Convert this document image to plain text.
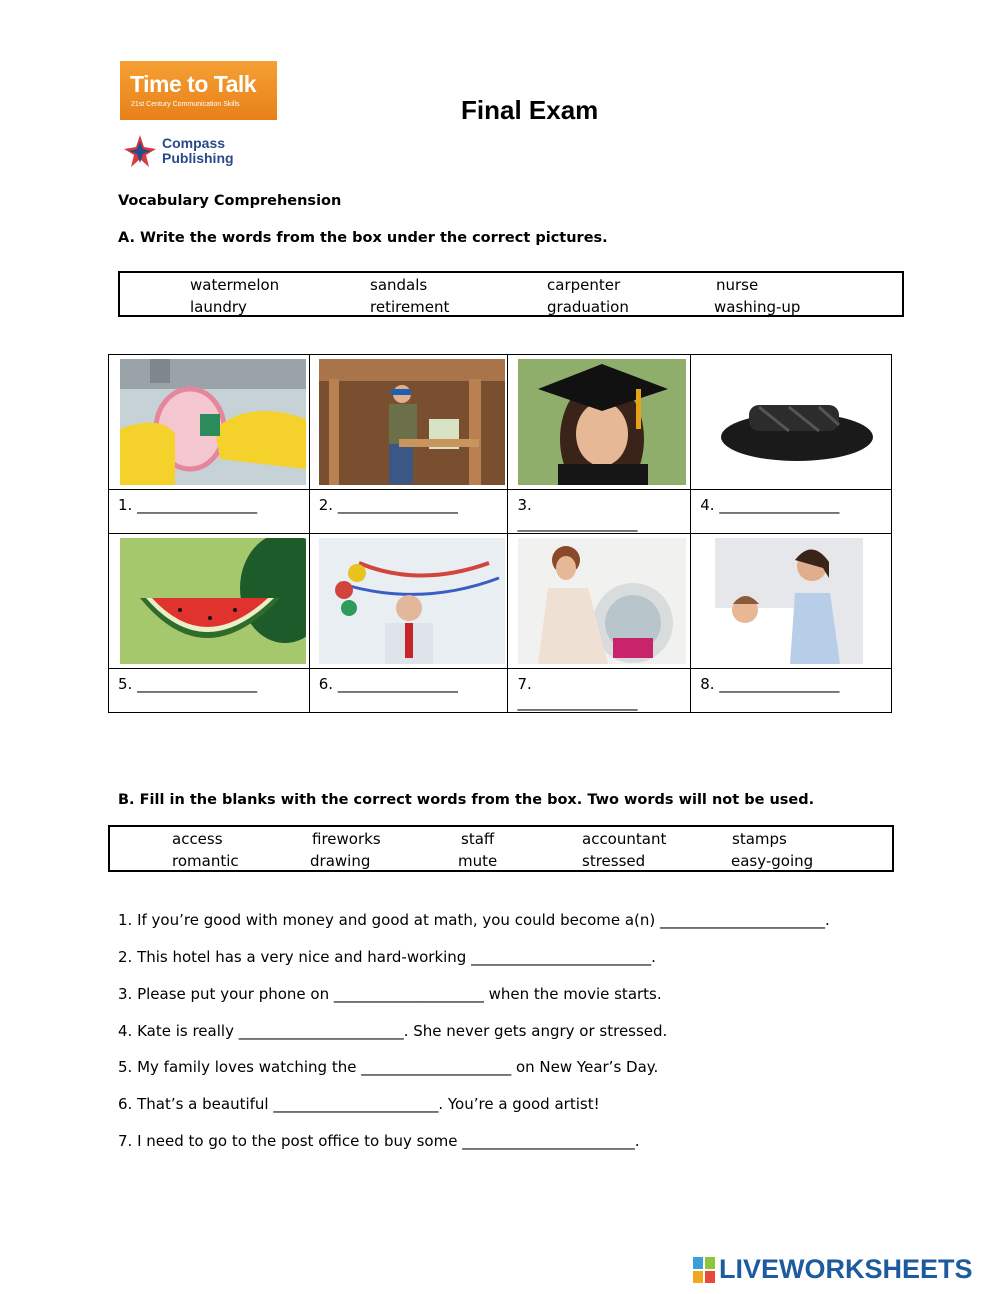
Time to Talk
21st Century Communication Skills
Compass
Publishing
Final Exam
Vocabulary Comprehension
A. Write the words from the box under the correct pictures.
watermelon	sandals	carpenter	nurse
laundry	retirement	graduation	washing-up

1. ________________	2. ________________	3.
________________	4. ________________

5. ________________	6. ________________	7.
________________	8. ________________
B. Fill in the blanks with the correct words from the box. Two words will not be used.
access	fireworks	staff	accountant	stamps
romantic	drawing	mute	stressed	easy-going
1. If you’re good with money and good at math, you could become a(n) ______________________.
2. This hotel has a very nice and hard-working ________________________.
3. Please put your phone on ____________________ when the movie starts.
4. Kate is really ______________________. She never gets angry or stressed.
5. My family loves watching the ____________________ on New Year’s Day.
6. That’s a beautiful ______________________. You’re a good artist!
7. I need to go to the post office to buy some _______________________.
LIVEWORKSHEETS
